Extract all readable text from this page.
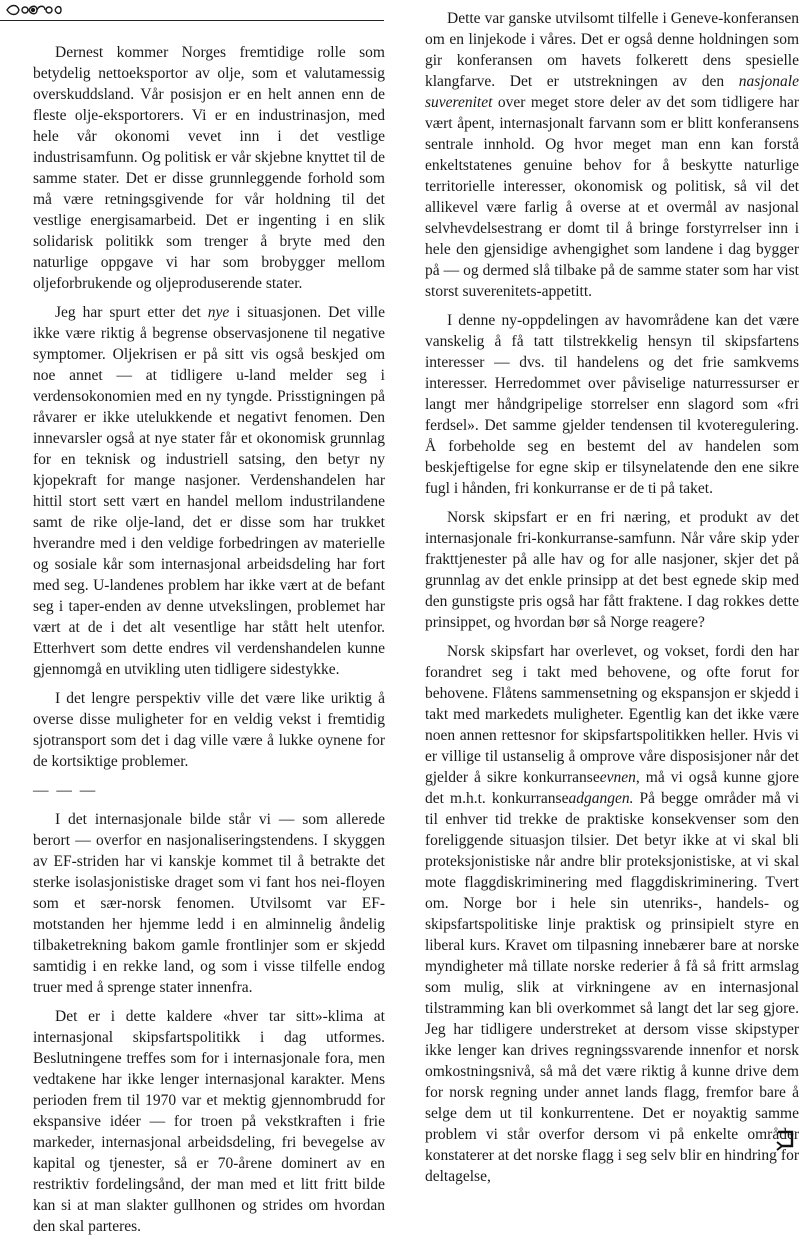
Dernest kommer Norges fremtidige rolle som betydelig nettoeksportor av olje, som et valutamessig overskuddsland. Vår posisjon er en helt annen enn de fleste olje-eksportorers. Vi er en industrinasjon, med hele vår okonomi vevet inn i det vestlige industrisamfunn. Og politisk er vår skjebne knyttet til de samme stater. Det er disse grunnleggende forhold som må være retningsgivende for vår holdning til det vestlige energisamarbeid. Det er ingenting i en slik solidarisk politikk som trenger å bryte med den naturlige oppgave vi har som brobygger mellom oljeforbrukende og oljeproduserende stater.

Jeg har spurt etter det nye i situasjonen. Det ville ikke være riktig å begrense observasjonene til negative symptomer. Oljekrisen er på sitt vis også beskjed om noe annet — at tidligere u-land melder seg i verdensokonomien med en ny tyngde. Prisstigningen på råvarer er ikke utelukkende et negativt fenomen. Den innevarsler også at nye stater får et okonomisk grunnlag for en teknisk og industriell satsing, den betyr ny kjopekraft for mange nasjoner. Verdenshandelen har hittil stort sett vært en handel mellom industrilandene samt de rike olje-land, det er disse som har trukket hverandre med i den veldige forbedringen av materielle og sosiale kår som internasjonal arbeidsdeling har fort med seg. U-landenes problem har ikke vært at de befant seg i taper-enden av denne utvekslingen, problemet har vært at de i det alt vesentlige har stått helt utenfor. Etterhvert som dette endres vil verdenshandelen kunne gjennomgå en utvikling uten tidligere sidestykke.

I det lengre perspektiv ville det være like uriktig å overse disse muligheter for en veldig vekst i fremtidig sjotransport som det i dag ville være å lukke oynene for de kortsiktige problemer.

— — —

I det internasjonale bilde står vi — som allerede berort — overfor en nasjonaliseringstendens. I skyggen av EF-striden har vi kanskje kommet til å betrakte det sterke isolasjonistiske draget som vi fant hos nei-floyen som et sær-norsk fenomen. Utvilsomt var EF-motstanden her hjemme ledd i en alminnelig åndelig tilbaketrekning bakom gamle frontlinjer som er skjedd samtidig i en rekke land, og som i visse tilfelle endog truer med å sprenge stater innenfra.

Det er i dette kaldere «hver tar sitt»-klima at internasjonal skipsfartspolitikk i dag utformes. Beslutningene treffes som for i internasjonale fora, men vedtakene har ikke lenger internasjonal karakter. Mens perioden frem til 1970 var et mektig gjennombrudd for ekspansive idéer — for troen på vekstkraften i frie markeder, internasjonal arbeidsdeling, fri bevegelse av kapital og tjenester, så er 70-årene dominert av en restriktiv fordelingsånd, der man med et litt fritt bilde kan si at man slakter gullhonen og strides om hvordan den skal parteres.

Dette var ganske utvilsomt tilfelle i Geneve-konferansen om en linjekode i våres. Det er også denne holdningen som gir konferansen om havets folkerett dens spesielle klangfarve. Det er utstrekningen av den nasjonale suverenitet over meget store deler av det som tidligere har vært åpent, internasjonalt farvann som er blitt konferansens sentrale innhold. Og hvor meget man enn kan forstå enkeltstatenes genuine behov for å beskytte naturlige territorielle interesser, okonomisk og politisk, så vil det allikevel være farlig å overse at et overmål av nasjonal selvhevdelsestrang er domt til å bringe forstyrrelser inn i hele den gjensidige avhengighet som landene i dag bygger på — og dermed slå tilbake på de samme stater som har vist storst suverenitets-appetitt.

I denne ny-oppdelingen av havområdene kan det være vanskelig å få tatt tilstrekkelig hensyn til skipsfartens interesser — dvs. til handelens og det frie samkvems interesser. Herredommet over påviselige naturressurser er langt mer håndgripelige storrelser enn slagord som «fri ferdsel». Det samme gjelder tendensen til kvoteregulering. Å forbeholde seg en bestemt del av handelen som beskjeftigelse for egne skip er tilsynelatende den ene sikre fugl i hånden, fri konkurranse er de ti på taket.

Norsk skipsfart er en fri næring, et produkt av det internasjonale fri-konkurranse-samfunn. Når våre skip yder frakttjenester på alle hav og for alle nasjoner, skjer det på grunnlag av det enkle prinsipp at det best egnede skip med den gunstigste pris også har fått fraktene. I dag rokkes dette prinsippet, og hvordan bør så Norge reagere?

Norsk skipsfart har overlevet, og vokset, fordi den har forandret seg i takt med behovene, og ofte forut for behovene. Flåtens sammensetning og ekspansjon er skjedd i takt med markedets muligheter. Egentlig kan det ikke være noen annen rettesnor for skipsfartspolitikken heller. Hvis vi er villige til ustanselig å omprove våre disposisjoner når det gjelder å sikre konkurranseevnen, må vi også kunne gjore det m.h.t. konkurranseadgangen. På begge områder må vi til enhver tid trekke de praktiske konsekvenser som den foreliggende situasjon tilsier. Det betyr ikke at vi skal bli proteksjonistiske når andre blir proteksjonistiske, at vi skal mote flaggdiskriminering med flaggdiskriminering. Tvert om. Norge bor i hele sin utenriks-, handels- og skipsfartspolitiske linje praktisk og prinsipielt styre en liberal kurs. Kravet om tilpasning innebærer bare at norske myndigheter må tillate norske rederier å få så fritt armslag som mulig, slik at virkningene av en internasjonal tilstramming kan bli overkommet så langt det lar seg gjore. Jeg har tidligere understreket at dersom visse skipstyper ikke lenger kan drives regningssvarende innenfor et norsk omkostningsnivå, så må det være riktig å kunne drive dem for norsk regning under annet lands flagg, fremfor bare å selge dem ut til konkurrentene. Det er noyaktig samme problem vi står overfor dersom vi på enkelte områder konstaterer at det norske flagg i seg selv blir en hindring for deltagelse,
